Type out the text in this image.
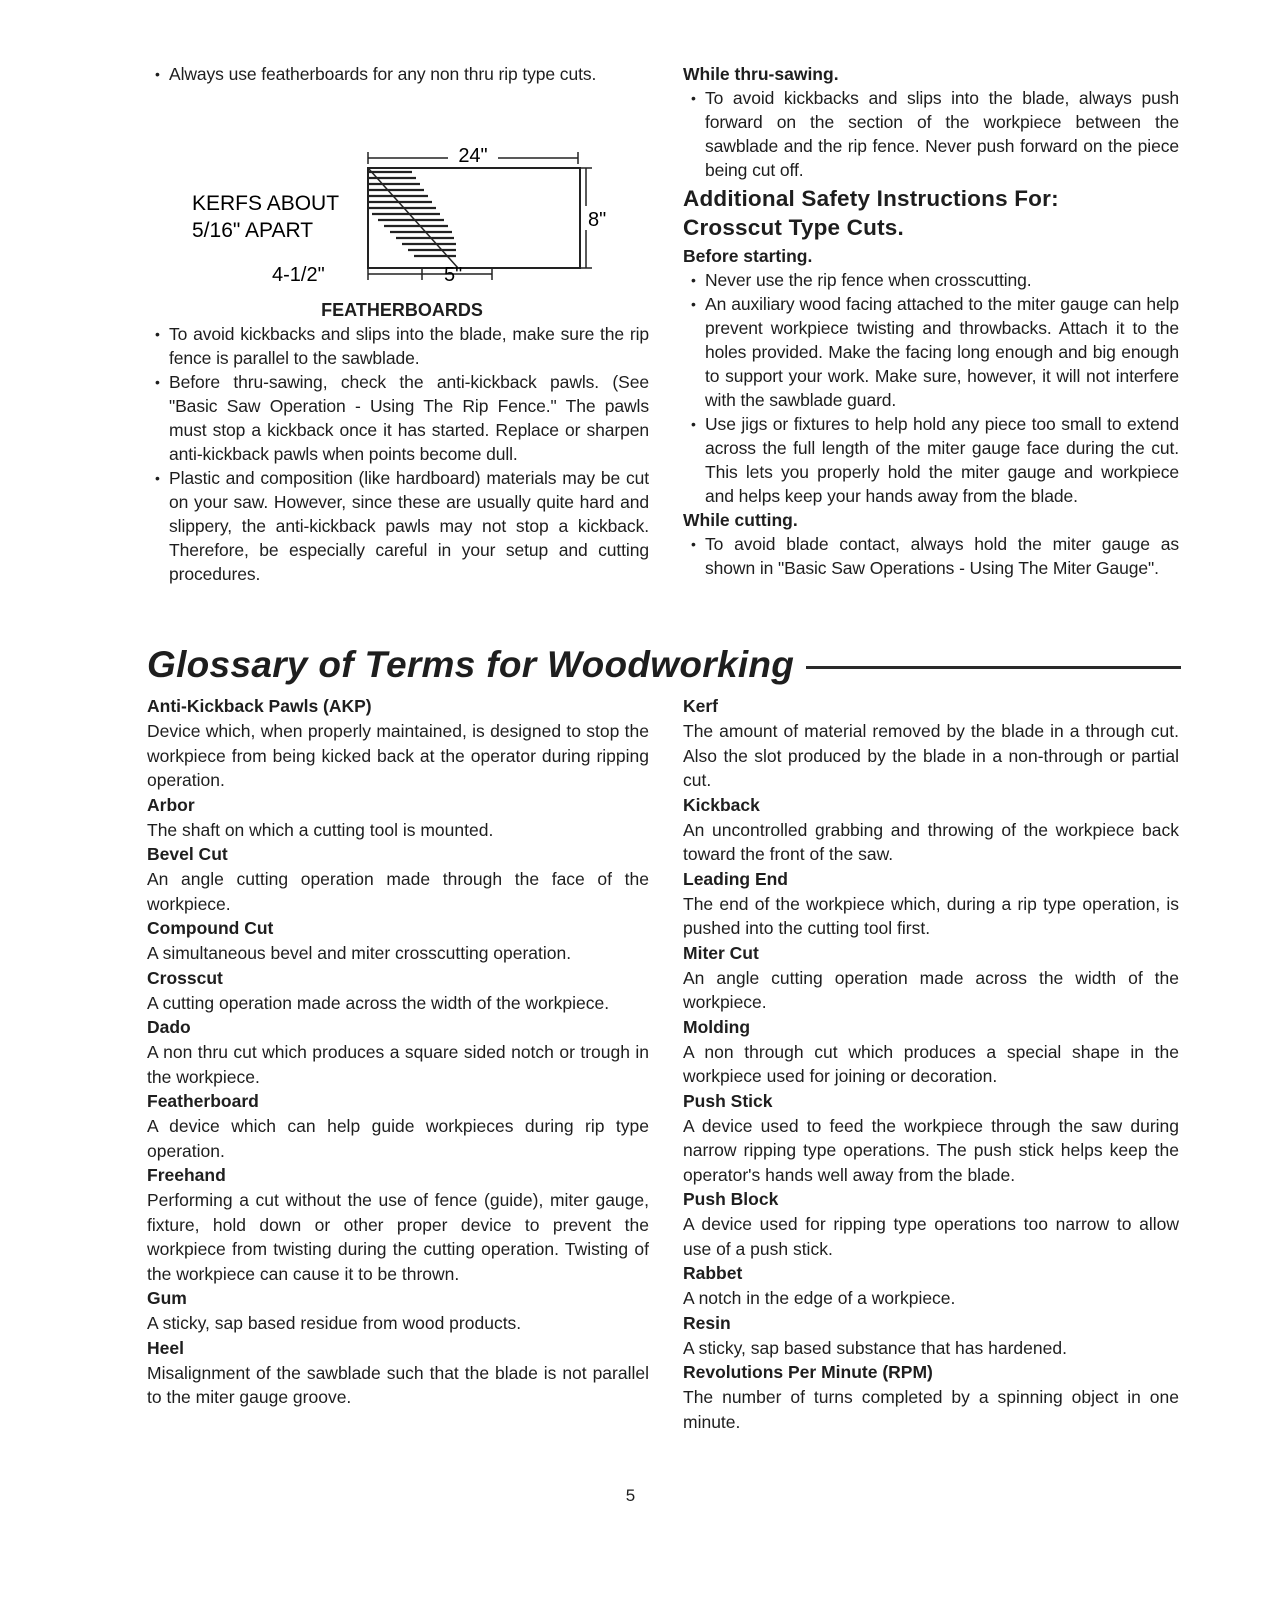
• Always use featherboards for any non thru rip type cuts.
24"
8"
KERFS ABOUT
5/16" APART
4-1/2"	5"

FEATHERBOARDS

• To avoid kickbacks and slips into the blade, make sure the rip fence is parallel to the sawblade.
• Before thru-sawing, check the anti-kickback pawls. (See "Basic Saw Operation - Using The Rip Fence." The pawls must stop a kickback once it has started. Replace or sharpen anti-kickback pawls when points become dull.
• Plastic and composition (like hardboard) materials may be cut on your saw. However, since these are usually quite hard and slippery, the anti-kickback pawls may not stop a kickback. Therefore, be especially careful in your setup and cutting procedures.
While thru-sawing.
• To avoid kickbacks and slips into the blade, always push forward on the section of the workpiece between the sawblade and the rip fence. Never push forward on the piece being cut off.
Additional Safety Instructions For:
Crosscut Type Cuts.
Before starting.
• Never use the rip fence when crosscutting.
• An auxiliary wood facing attached to the miter gauge can help prevent workpiece twisting and throwbacks. Attach it to the holes provided. Make the facing long enough and big enough to support your work. Make sure, however, it will not interfere with the sawblade guard.
• Use jigs or fixtures to help hold any piece too small to extend across the full length of the miter gauge face during the cut. This lets you properly hold the miter gauge and workpiece and helps keep your hands away from the blade.
While cutting.
• To avoid blade contact, always hold the miter gauge as shown in "Basic Saw Operations - Using The Miter Gauge".
Glossary of Terms for Woodworking
Anti-Kickback Pawls (AKP)

Device which, when properly maintained, is designed to stop the workpiece from being kicked back at the operator during ripping operation.

Arbor

The shaft on which a cutting tool is mounted.

Bevel Cut

An angle cutting operation made through the face of the workpiece.

Compound Cut

A simultaneous bevel and miter crosscutting operation.

Crosscut

A cutting operation made across the width of the workpiece.

Dado

A non thru cut which produces a square sided notch or trough in the workpiece.

Featherboard

A device which can help guide workpieces during rip type operation.

Freehand

Performing a cut without the use of fence (guide), miter gauge, fixture, hold down or other proper device to prevent the workpiece from twisting during the cutting operation. Twisting of the workpiece can cause it to be thrown.

Gum

A sticky, sap based residue from wood products.

Heel

Misalignment of the sawblade such that the blade is not parallel to the miter gauge groove.

Kerf

The amount of material removed by the blade in a through cut. Also the slot produced by the blade in a non-through or partial cut.

Kickback

An uncontrolled grabbing and throwing of the workpiece back toward the front of the saw.

Leading End

The end of the workpiece which, during a rip type operation, is pushed into the cutting tool first.

Miter Cut

An angle cutting operation made across the width of the workpiece.

Molding

A non through cut which produces a special shape in the workpiece used for joining or decoration.

Push Stick

A device used to feed the workpiece through the saw during narrow ripping type operations. The push stick helps keep the operator's hands well away from the blade.

Push Block

A device used for ripping type operations too narrow to allow use of a push stick.

Rabbet

A notch in the edge of a workpiece.

Resin

A sticky, sap based substance that has hardened.

Revolutions Per Minute (RPM)

The number of turns completed by a spinning object in one minute.

5
